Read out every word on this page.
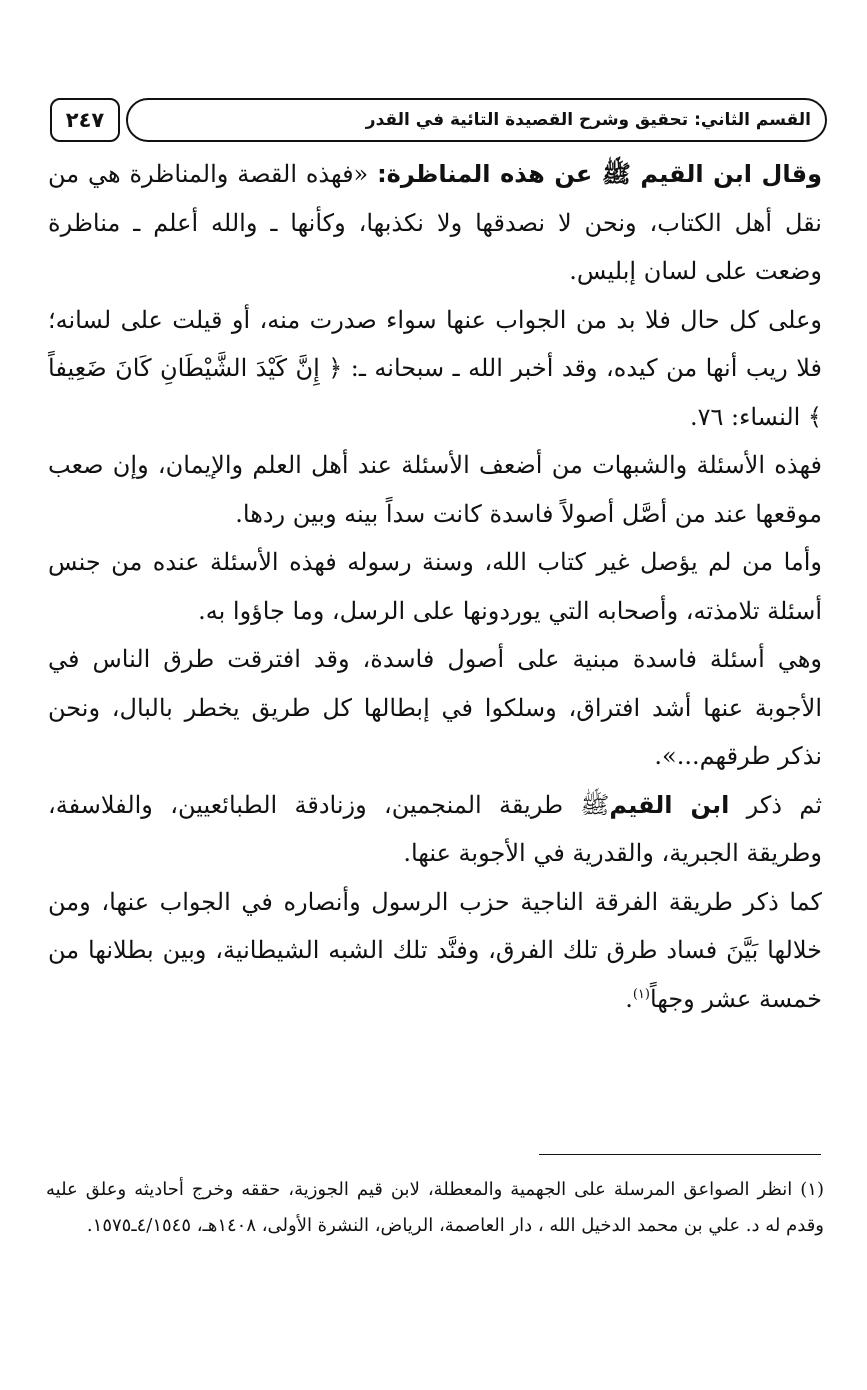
٢٤٧	القسم الثاني: تحقيق وشرح القصيدة التائية في القدر

وقال ابن القيم ﷺ عن هذه المناظرة: «فهذه القصة والمناظرة هي من نقل أهل الكتاب، ونحن لا نصدقها ولا نكذبها، وكأنها ـ والله أعلم ـ مناظرة وضعت على لسان إبليس.

وعلى كل حال فلا بد من الجواب عنها سواء صدرت منه، أو قيلت على لسانه؛ فلا ريب أنها من كيده، وقد أخبر الله ـ سبحانه ـ: ﴿ إِنَّ كَيْدَ الشَّيْطَانِ كَانَ ضَعِيفاً ﴾ النساء: ٧٦.

فهذه الأسئلة والشبهات من أضعف الأسئلة عند أهل العلم والإيمان، وإن صعب موقعها عند من أصَّل أصولاً فاسدة كانت سداً بينه وبين ردها.

وأما من لم يؤصل غير كتاب الله، وسنة رسوله فهذه الأسئلة عنده من جنس أسئلة تلامذته، وأصحابه التي يوردونها على الرسل، وما جاؤوا به.

وهي أسئلة فاسدة مبنية على أصول فاسدة، وقد افترقت طرق الناس في الأجوبة عنها أشد افتراق، وسلكوا في إبطالها كل طريق يخطر بالبال، ونحن نذكر طرقهم...».

ثم ذكر ابن القيمﷺ طريقة المنجمين، وزنادقة الطبائعيين، والفلاسفة، وطريقة الجبرية، والقدرية في الأجوبة عنها.

كما ذكر طريقة الفرقة الناجية حزب الرسول وأنصاره في الجواب عنها، ومن خلالها بَيَّنَ فساد طرق تلك الفرق، وفنَّد تلك الشبه الشيطانية، وبين بطلانها من خمسة عشر وجهاً$^{(١)}$.

(١) انظر الصواعق المرسلة على الجهمية والمعطلة، لابن قيم الجوزية، حققه وخرج أحاديثه وعلق عليه وقدم له د. علي بن محمد الدخيل الله ، دار العاصمة، الرياض، النشرة الأولى، ١٤٠٨هـ، ٤/١٥٤٥ـ١٥٧٥.
